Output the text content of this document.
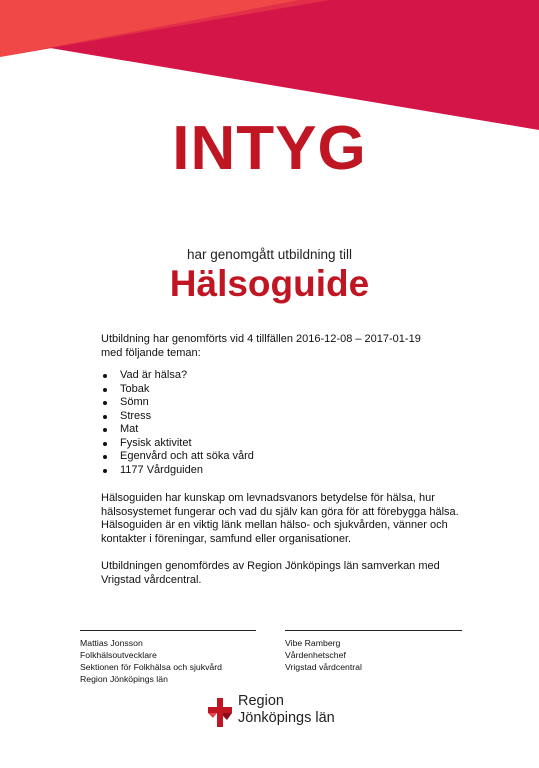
INTYG
har genomgått utbildning till
Hälsoguide
Utbildning har genomförts vid 4 tillfällen 2016-12-08 – 2017-01-19
med följande teman:
Vad är hälsa?
Tobak
Sömn
Stress
Mat
Fysisk aktivitet
Egenvård och att söka vård
1177 Vårdguiden
Hälsoguiden har kunskap om levnadsvanors betydelse för hälsa, hur
hälsosystemet fungerar och vad du själv kan göra för att förebygga hälsa.
Hälsoguiden är en viktig länk mellan hälso- och sjukvården, vänner och
kontakter i föreningar, samfund eller organisationer.
Utbildningen genomfördes av Region Jönköpings län samverkan med
Vrigstad vårdcentral.
Mattias Jonsson
Folkhälsoutvecklare
Sektionen för Folkhälsa och sjukvård
Region Jönköpings län
Vibe Ramberg
Vårdenhetschef
Vrigstad vårdcentral
Region
Jönköpings län
